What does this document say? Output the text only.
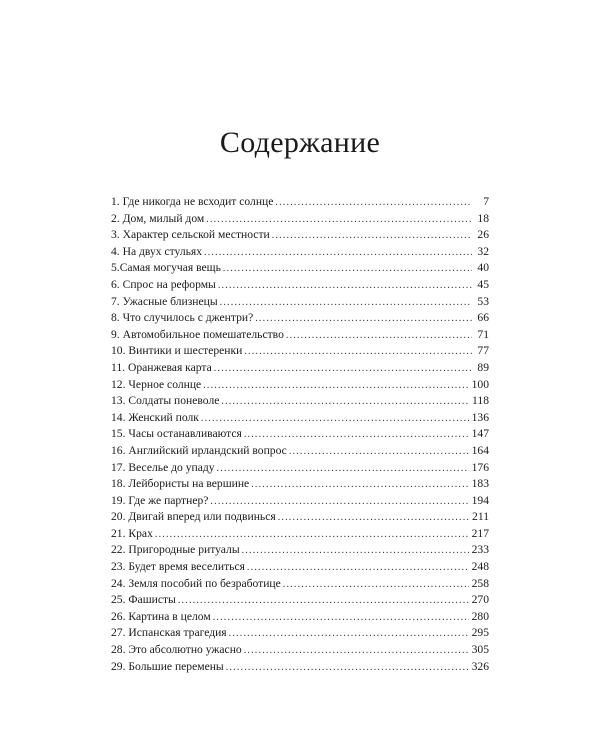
Содержание
1. Где никогда не всходит солнце .....	7
2. Дом, милый дом .....	18
3. Характер сельской местности .....	26
4. На двух стульях .....	32
5.Самая могучая вещь .....	40
6. Спрос на реформы .....	45
7. Ужасные близнецы .....	53
8. Что случилось с джентри? .....	66
9. Автомобильное помешательство .....	71
10. Винтики и шестеренки .....	77
11. Оранжевая карта .....	89
12. Черное солнце .....	100
13. Солдаты поневоле .....	118
14. Женский полк .....	136
15. Часы останавливаются .....	147
16. Английский ирландский вопрос .....	164
17. Веселье до упаду .....	176
18. Лейбористы на вершине .....	183
19. Где же партнер? .....	194
20. Двигай вперед или подвинься .....	211
21. Крах .....	217
22. Пригородные ритуалы .....	233
23. Будет время веселиться .....	248
24. Земля пособий по безработице .....	258
25. Фашисты .....	270
26. Картина в целом .....	280
27. Испанская трагедия .....	295
28. Это абсолютно ужасно .....	305
29. Большие перемены .....	326
